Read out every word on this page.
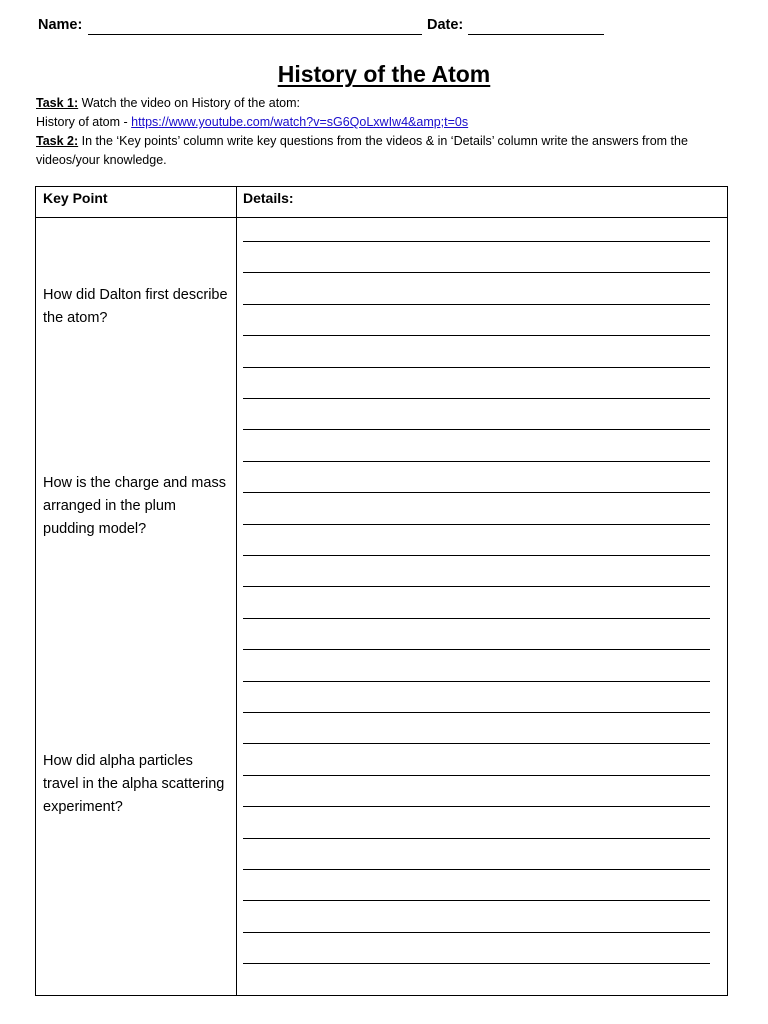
Name:	Date:
History of the Atom

Task 1: Watch the video on History of the atom:

History of atom - https://www.youtube.com/watch?v=sG6QoLxwIw4&amp;t=0s

Task 2: In the ‘Key points’ column write key questions from the videos & in ‘Details’ column write the answers from the videos/your knowledge.

Key Point	Details:
How did Dalton first describe the atom?
How is the charge and mass arranged in the plum pudding model?
How did alpha particles travel in the alpha scattering experiment?
